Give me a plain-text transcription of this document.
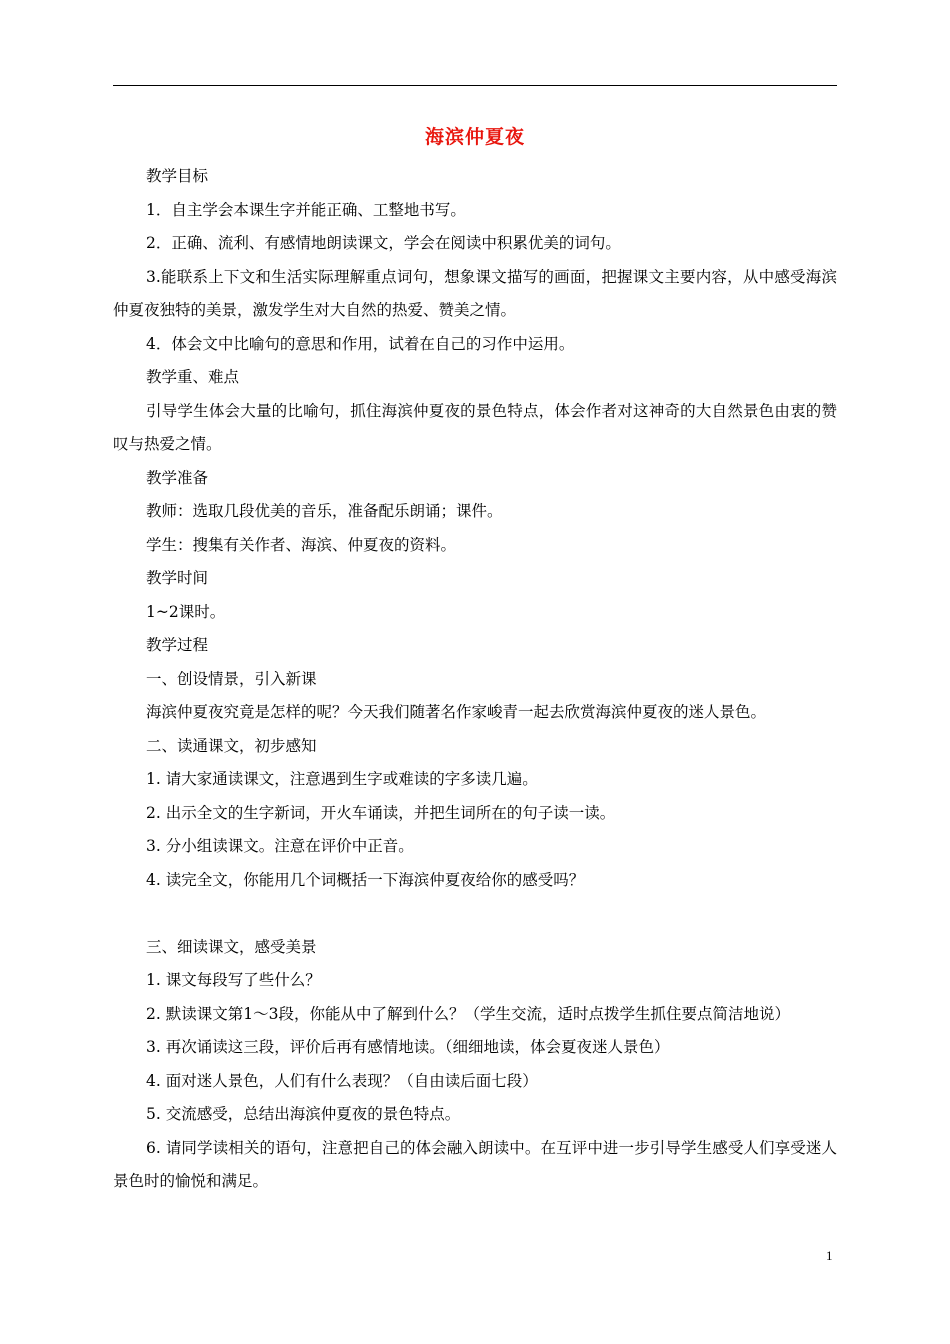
海滨仲夏夜

教学目标

1．自主学会本课生字并能正确、工整地书写。

2．正确、流利、有感情地朗读课文，学会在阅读中积累优美的词句。

3.能联系上下文和生活实际理解重点词句，想象课文描写的画面，把握课文主要内容，从中感受海滨仲夏夜独特的美景，激发学生对大自然的热爱、赞美之情。

4．体会文中比喻句的意思和作用，试着在自己的习作中运用。

教学重、难点

引导学生体会大量的比喻句，抓住海滨仲夏夜的景色特点，体会作者对这神奇的大自然景色由衷的赞叹与热爱之情。

教学准备

教师：选取几段优美的音乐，准备配乐朗诵；课件。

学生：搜集有关作者、海滨、仲夏夜的资料。

教学时间

1~2课时。

教学过程

一、创设情景，引入新课

海滨仲夏夜究竟是怎样的呢？今天我们随著名作家峻青一起去欣赏海滨仲夏夜的迷人景色。

二、读通课文，初步感知

1. 请大家通读课文，注意遇到生字或难读的字多读几遍。

2. 出示全文的生字新词，开火车诵读，并把生词所在的句子读一读。

3. 分小组读课文。注意在评价中正音。

4. 读完全文，你能用几个词概括一下海滨仲夏夜给你的感受吗？

三、细读课文，感受美景

1. 课文每段写了些什么？

2. 默读课文第1～3段，你能从中了解到什么？（学生交流，适时点拨学生抓住要点简洁地说）

3. 再次诵读这三段，评价后再有感情地读。（细细地读，体会夏夜迷人景色）

4. 面对迷人景色，人们有什么表现？（自由读后面七段）

5. 交流感受，总结出海滨仲夏夜的景色特点。

6. 请同学读相关的语句，注意把自己的体会融入朗读中。在互评中进一步引导学生感受人们享受迷人景色时的愉悦和满足。

1
